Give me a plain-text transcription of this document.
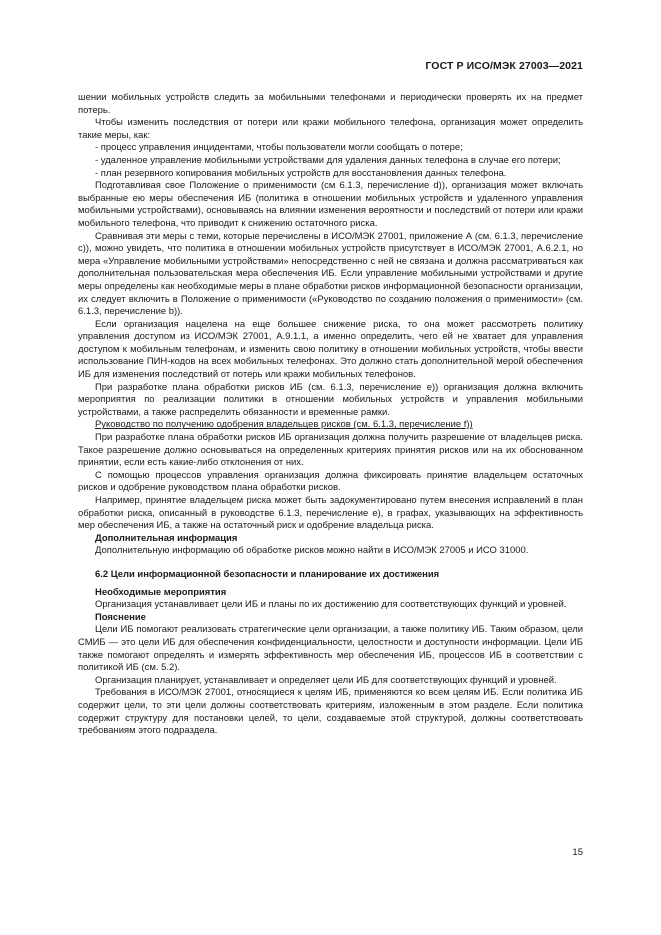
ГОСТ Р ИСО/МЭК 27003—2021

шении мобильных устройств следить за мобильными телефонами и периодически проверять их на предмет потерь.

Чтобы изменить последствия от потери или кражи мобильного телефона, организация может определить такие меры, как:

- процесс управления инцидентами, чтобы пользователи могли сообщать о потере;

- удаленное управление мобильными устройствами для удаления данных телефона в случае его потери;

- план резервного копирования мобильных устройств для восстановления данных телефона.

Подготавливая свое Положение о применимости (см 6.1.3, перечисление d)), организация может включать выбранные ею меры обеспечения ИБ (политика в отношении мобильных устройств и удаленного управления мобильными устройствами), основываясь на влиянии изменения вероятности и последствий от потери или кражи мобильного телефона, что приводит к снижению остаточного риска.

Сравнивая эти меры с теми, которые перечислены в ИСО/МЭК 27001, приложение А (см. 6.1.3, перечисление с)), можно увидеть, что политика в отношении мобильных устройств присутствует в ИСО/МЭК 27001, А.6.2.1, но мера «Управление мобильными устройствами» непосредственно с ней не связана и должна рассматриваться как дополнительная пользовательская мера обеспечения ИБ. Если управление мобильными устройствами и другие меры определены как необходимые меры в плане обработки рисков информационной безопасности организации, их следует включить в Положение о применимости («Руководство по созданию положения о применимости» (см. 6.1.3, перечисление b)).

Если организация нацелена на еще большее снижение риска, то она может рассмотреть политику управления доступом из ИСО/МЭК 27001, А.9.1.1, а именно определить, чего ей не хватает для управления доступом к мобильным телефонам, и изменить свою политику в отношении мобильных устройств, чтобы ввести использование ПИН-кодов на всех мобильных телефонах. Это должно стать дополнительной мерой обеспечения ИБ для изменения последствий от потерь или кражи мобильных телефонов.

При разработке плана обработки рисков ИБ (см. 6.1.3, перечисление е)) организация должна включить мероприятия по реализации политики в отношении мобильных устройств и управления мобильными устройствами, а также распределить обязанности и временные рамки.

Руководство по получению одобрения владельцев рисков (см. 6.1.3, перечисление f))

При разработке плана обработки рисков ИБ организация должна получить разрешение от владельцев риска. Такое разрешение должно основываться на определенных критериях принятия рисков или на их обоснованном принятии, если есть какие-либо отклонения от них.

С помощью процессов управления организация должна фиксировать принятие владельцем остаточных рисков и одобрение руководством плана обработки рисков.

Например, принятие владельцем риска может быть задокументировано путем внесения исправлений в план обработки риска, описанный в руководстве 6.1.3, перечисление е), в графах, указывающих на эффективность мер обеспечения ИБ, а также на остаточный риск и одобрение владельца риска.

Дополнительная информация

Дополнительную информацию об обработке рисков можно найти в ИСО/МЭК 27005 и ИСО 31000.

6.2 Цели информационной безопасности и планирование их достижения

Необходимые мероприятия

Организация устанавливает цели ИБ и планы по их достижению для соответствующих функций и уровней.

Пояснение

Цели ИБ помогают реализовать стратегические цели организации, а также политику ИБ. Таким образом, цели СМИБ — это цели ИБ для обеспечения конфиденциальности, целостности и доступности информации. Цели ИБ также помогают определять и измерять эффективность мер обеспечения ИБ, процессов ИБ в соответствии с политикой ИБ (см. 5.2).

Организация планирует, устанавливает и определяет цели ИБ для соответствующих функций и уровней.

Требования в ИСО/МЭК 27001, относящиеся к целям ИБ, применяются ко всем целям ИБ. Если политика ИБ содержит цели, то эти цели должны соответствовать критериям, изложенным в этом разделе. Если политика содержит структуру для постановки целей, то цели, создаваемые этой структурой, должны соответствовать требованиям этого подраздела.

15
